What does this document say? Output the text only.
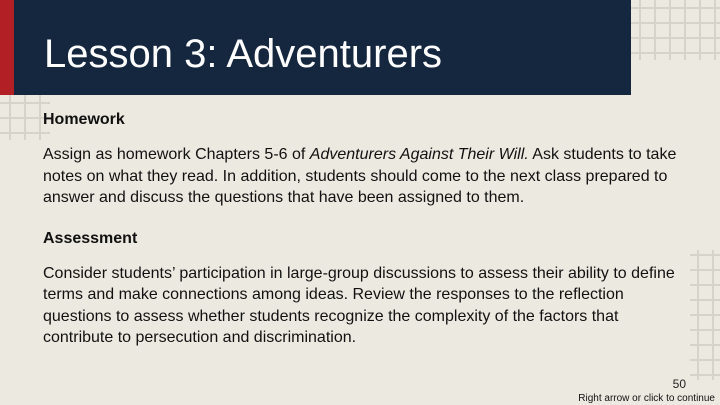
Lesson 3: Adventurers
Homework

Assign as homework Chapters 5-6 of Adventurers Against Their Will. Ask students to take notes on what they read. In addition, students should come to the next class prepared to answer and discuss the questions that have been assigned to them.

Assessment

Consider students’ participation in large-group discussions to assess their ability to define terms and make connections among ideas. Review the responses to the reflection questions to assess whether students recognize the complexity of the factors that contribute to persecution and discrimination.

50
Right arrow or click to continue
